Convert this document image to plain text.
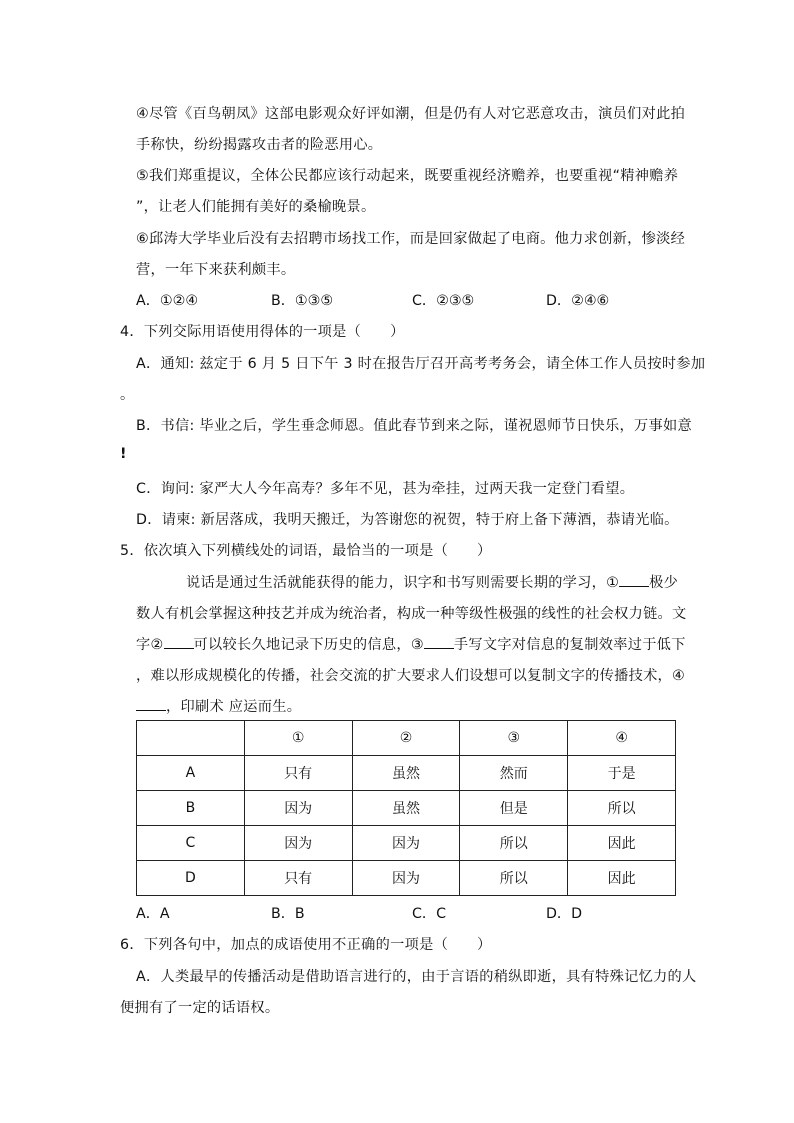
④尽管《百鸟朝凤》这部电影观众好评如潮，但是仍有人对它恶意攻击，演员们对此拍
手称快，纷纷揭露攻击者的险恶用心。
⑤我们郑重提议，全体公民都应该行动起来，既要重视经济赡养，也要重视“精神赡养
”，让老人们能拥有美好的桑榆晚景。
⑥邱涛大学毕业后没有去招聘市场找工作，而是回家做起了电商。他力求创新，惨淡经
营，一年下来获利颇丰。
A．①②④	B．①③⑤	C．②③⑤	D．②④⑥
4．下列交际用语使用得体的一项是（　　）
A．通知: 兹定于 6 月 5 日下午 3 时在报告厅召开高考考务会，请全体工作人员按时参加
。
B．书信: 毕业之后，学生垂念师恩。值此春节到来之际，谨祝恩师节日快乐，万事如意
!
C．询问: 家严大人今年高寿？多年不见，甚为牵挂，过两天我一定登门看望。
D．请柬: 新居落成，我明天搬迁，为答谢您的祝贺，特于府上备下薄酒，恭请光临。
5．依次填入下列横线处的词语，最恰当的一项是（　　）
说话是通过生活就能获得的能力，识字和书写则需要长期的学习，① 极少
数人有机会掌握这种技艺并成为统治者，构成一种等级性极强的线性的社会权力链。文
字② 可以较长久地记录下历史的信息，③ 手写文字对信息的复制效率过于低下
，难以形成规模化的传播，社会交流的扩大要求人们设想可以复制文字的传播技术，④
，印刷术 应运而生。
	①	②	③	④
A	只有	虽然	然而	于是
B	因为	虽然	但是	所以
C	因为	因为	所以	因此
D	只有	因为	所以	因此
A．A	B．B	C．C	D．D
6．下列各句中，加点的成语使用不正确的一项是（　　）
A．人类最早的传播活动是借助语言进行的，由于言语的稍纵即逝，具有特殊记忆力的人
便拥有了一定的话语权。
